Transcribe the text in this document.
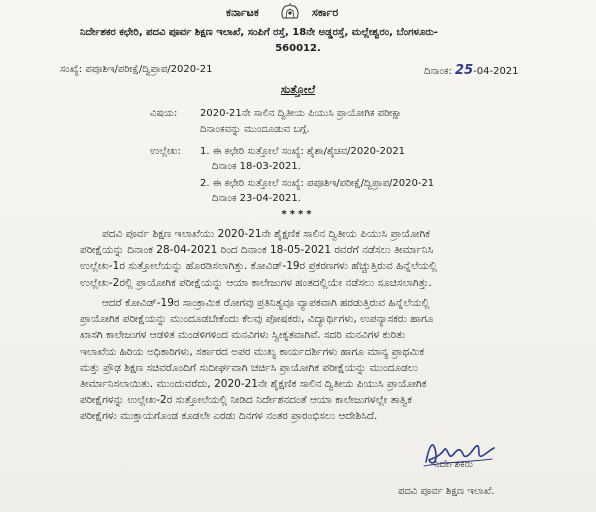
ಕರ್ನಾಟಕ	ಸರ್ಕಾರ
ನಿರ್ದೇಶಕರ ಕಛೇರಿ, ಪದವಿ ಪೂರ್ವ ಶಿಕ್ಷಣ ಇಲಾಖೆ, ಸಂಪಿಗೆ ರಸ್ತೆ, 18ನೇ ಅಡ್ಡರಸ್ತೆ, ಮಲ್ಲೇಶ್ವರಂ, ಬೆಂಗಳೂರು-
560012.
ಸಂಖ್ಯೆ: ಪಪೂಶಿಇ/ಪರೀಕ್ಷೆ/ದ್ವಿಪ್ರಾಪ/2020-21	ದಿನಾಂಕ: 25-04-2021
ಸುತ್ತೋಲೆ
ವಿಷಯ: 2020-21ನೇ ಸಾಲಿನ ದ್ವಿತೀಯ ಪಿಯುಸಿ ಪ್ರಾಯೋಗಿಕ ಪರೀಕ್ಷಾ
ದಿನಾಂಕವನ್ನು ಮುಂದೂಡುವ ಬಗ್ಗೆ.
ಉಲ್ಲೇಖ: 1. ಈ ಕಛೇರಿ ಸುತ್ತೋಲೆ ಸಂಖ್ಯೆ: ಶೈಶಾ/ಶೈಚವ/2020-2021
ದಿನಾಂಕ 18-03-2021.
2. ಈ ಕಛೇರಿ ಸುತ್ತೋಲೆ ಸಂಖ್ಯೆ: ಪಪೂಶಿಇ/ಪರೀಕ್ಷೆ/ದ್ವಿಪ್ರಾಪ/2020-21
ದಿನಾಂಕ 23-04-2021.
****
ಪದವಿ ಪೂರ್ವ ಶಿಕ್ಷಣ ಇಲಾಖೆಯು 2020-21ನೇ ಶೈಕ್ಷಣಿಕ ಸಾಲಿನ ದ್ವಿತೀಯ ಪಿಯುಸಿ ಪ್ರಾಯೋಗಿಕ
ಪರೀಕ್ಷೆಯನ್ನು ದಿನಾಂಕ 28-04-2021 ರಿಂದ ದಿನಾಂಕ 18-05-2021 ರವರೆಗೆ ನಡೆಸಲು ತೀರ್ಮಾನಿಸಿ
ಉಲ್ಲೇಖ-1ರ ಸುತ್ತೋಲೆಯನ್ನು ಹೊರಡಿಸಲಾಗಿತ್ತು. ಕೋವಿಡ್-19ರ ಪ್ರಕರಣಗಳು ಹೆಚ್ಚುತ್ತಿರುವ ಹಿನ್ನೆಲೆಯಲ್ಲಿ
ಉಲ್ಲೇಖ-2ರಲ್ಲಿ ಪ್ರಾಯೋಗಿಕ ಪರೀಕ್ಷೆಯನ್ನು ಆಯಾ ಕಾಲೇಜುಗಳ ಹಂತದಲ್ಲಿಯೇ ನಡೆಸಲು ಸೂಚಿಸಲಾಗಿತ್ತು.
ಆದರೆ ಕೋವಿಡ್-19ರ ಸಾಂಕ್ರಾಮಿಕ ರೋಗವು ಪ್ರತಿನಿತ್ಯವೂ ವ್ಯಾಪಕವಾಗಿ ಹರಡುತ್ತಿರುವ ಹಿನ್ನೆಲೆಯಲ್ಲಿ
ಪ್ರಾಯೋಗಿಕ ಪರೀಕ್ಷೆಯನ್ನು ಮುಂದೂಡಬೇಕೆಂದು ಕೆಲವು ಪೋಷಕರು, ವಿದ್ಯಾರ್ಥಿಗಳು, ಉಪನ್ಯಾಸಕರು ಹಾಗೂ
ಖಾಸಗಿ ಕಾಲೇಜುಗಳ ಆಡಳಿತ ಮಂಡಳಿಗಳಿಂದ ಮನವಿಗಳು ಸ್ವೀಕೃತವಾಗಿವೆ. ಸದರಿ ಮನವಿಗಳ ಕುರಿತು
ಇಲಾಖೆಯ ಹಿರಿಯ ಅಧಿಕಾರಿಗಳು, ಸರ್ಕಾರದ ಅಪರ ಮುಖ್ಯ ಕಾರ್ಯದರ್ಶಿಗಳು ಹಾಗೂ ಮಾನ್ಯ ಪ್ರಾಥಮಿಕ
ಮತ್ತು ಪ್ರೌಢ ಶಿಕ್ಷಣ ಸಚಿವರೊಂದಿಗೆ ಸುದೀರ್ಘವಾಗಿ ಚರ್ಚಿಸಿ ಪ್ರಾಯೋಗಿಕ ಪರೀಕ್ಷೆಯನ್ನು ಮುಂದೂಡಲು
ತೀರ್ಮಾನಿಸಲಾಯಿತು. ಮುಂದುವರೆದು, 2020-21ನೇ ಶೈಕ್ಷಣಿಕ ಸಾಲಿನ ದ್ವಿತೀಯ ಪಿಯುಸಿ ಪ್ರಾಯೋಗಿಕ
ಪರೀಕ್ಷೆಗಳನ್ನು ಉಲ್ಲೇಖ-2ರ ಸುತ್ತೋಲೆಯಲ್ಲಿ ನೀಡಿದ ನಿರ್ದೇಶನದಂತೆ ಆಯಾ ಕಾಲೇಜುಗಳಲ್ಲೇ ತಾತ್ವಿಕ
ಪರೀಕ್ಷೆಗಳು ಮುಕ್ತಾಯಗೊಂಡ ಕೂಡಲೇ ಎರಡು ದಿನಗಳ ನಂತರ ಪ್ರಾರಂಭಿಸಲು ಆದೇಶಿಸಿದೆ.
ನಿರ್ದೇಶಕರು
ಪದವಿ ಪೂರ್ವ ಶಿಕ್ಷಣ ಇಲಾಖೆ.
